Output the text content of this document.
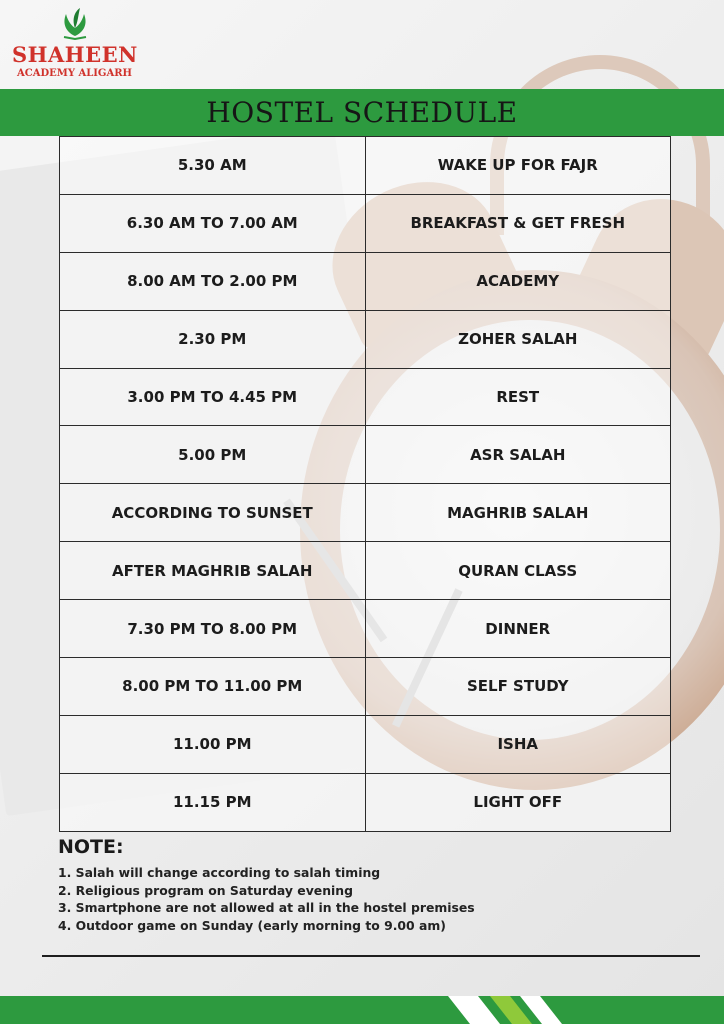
SHAHEEN
ACADEMY ALIGARH
HOSTEL SCHEDULE
5.30 AM	WAKE UP FOR FAJR
6.30 AM TO 7.00 AM	BREAKFAST & GET FRESH
8.00 AM TO 2.00 PM	ACADEMY
2.30 PM	ZOHER SALAH
3.00 PM TO 4.45 PM	REST
5.00 PM	ASR SALAH
ACCORDING TO SUNSET	MAGHRIB SALAH
AFTER MAGHRIB SALAH	QURAN CLASS
7.30 PM TO 8.00 PM	DINNER
8.00 PM TO 11.00 PM	SELF STUDY
11.00 PM	ISHA
11.15 PM	LIGHT OFF
NOTE:
1. Salah will change according to salah timing
2. Religious program on Saturday evening
3. Smartphone are not allowed at all in the hostel premises
4. Outdoor game on Sunday (early morning to 9.00 am)
